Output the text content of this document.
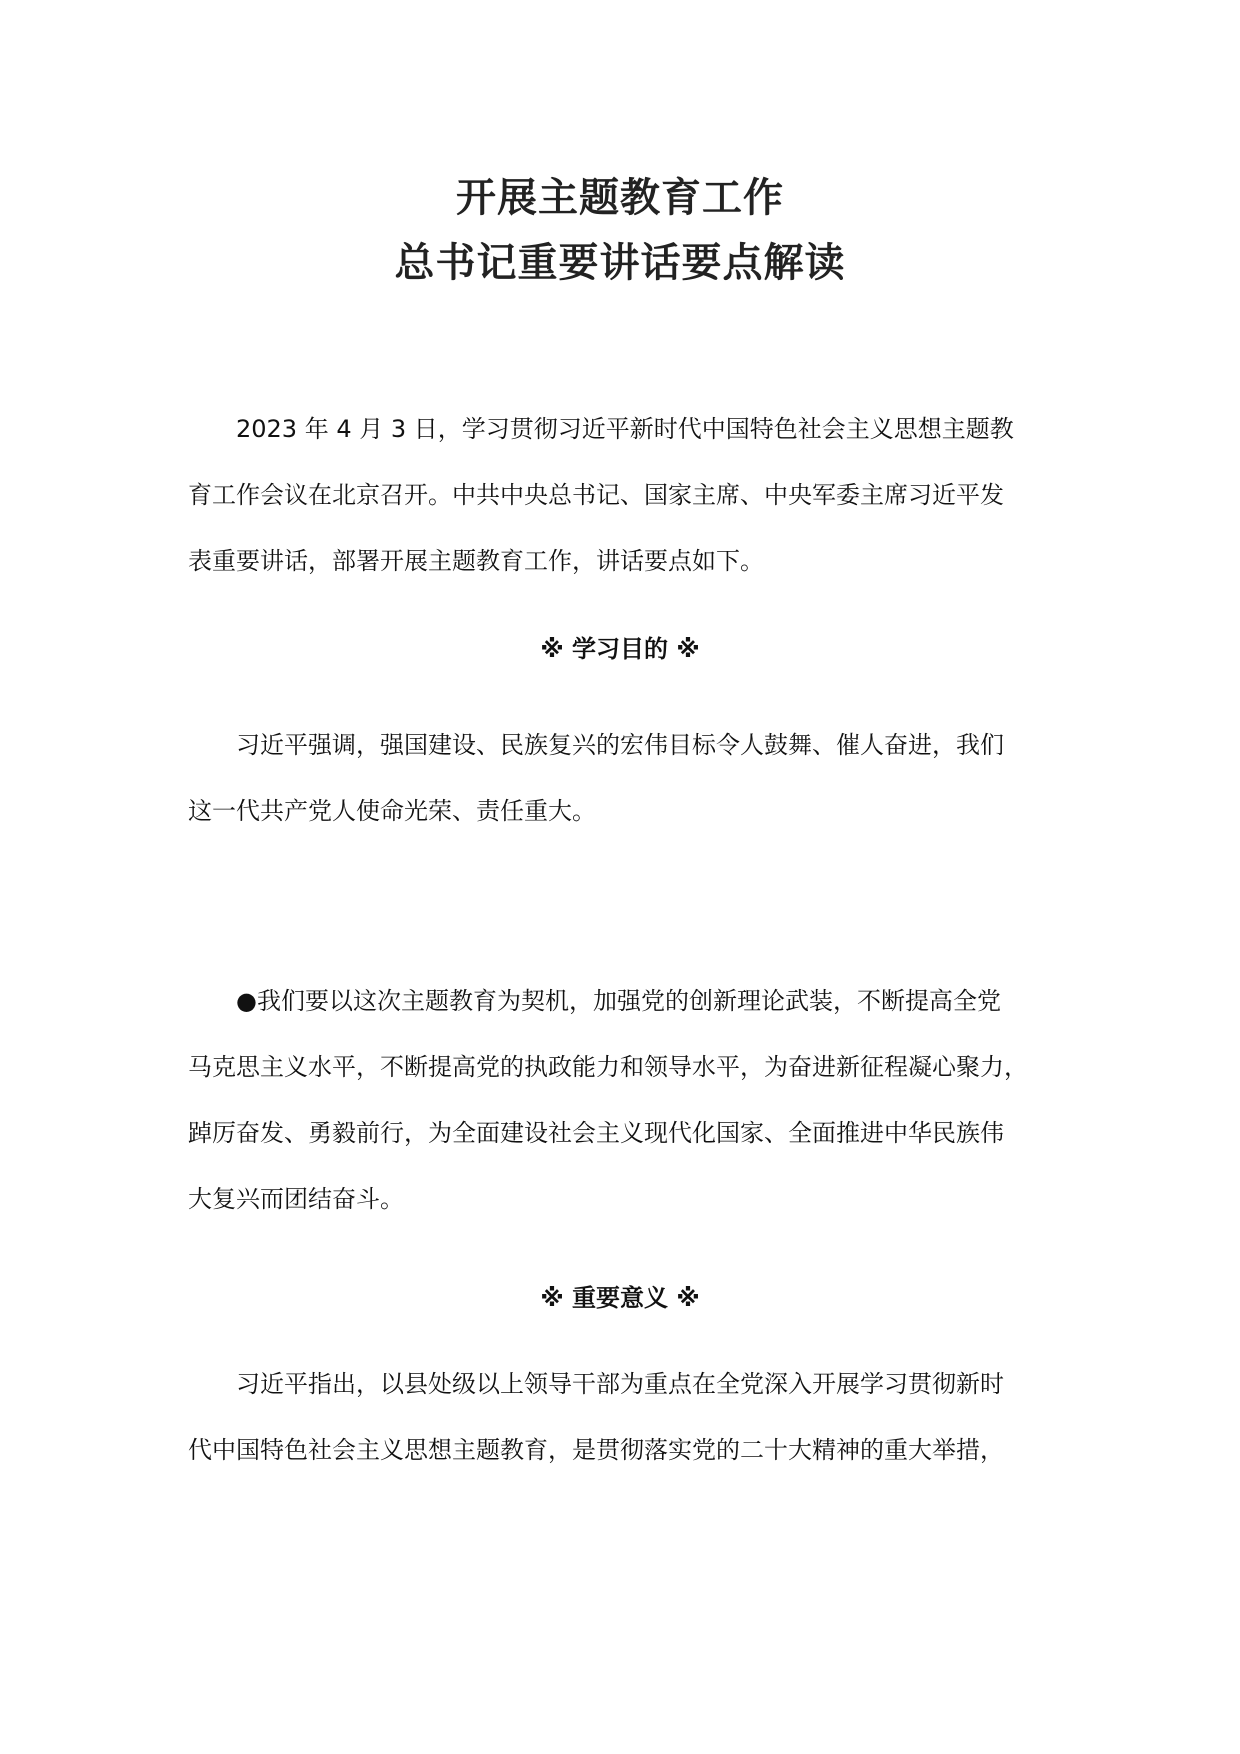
开展主题教育工作
总书记重要讲话要点解读

2023 年 4 月 3 日，学习贯彻习近平新时代中国特色社会主义思想主题教
育工作会议在北京召开。中共中央总书记、国家主席、中央军委主席习近平发
表重要讲话，部署开展主题教育工作，讲话要点如下。

※ 学习目的 ※

习近平强调，强国建设、民族复兴的宏伟目标令人鼓舞、催人奋进，我们
这一代共产党人使命光荣、责任重大。

●我们要以这次主题教育为契机，加强党的创新理论武装，不断提高全党
马克思主义水平，不断提高党的执政能力和领导水平，为奋进新征程凝心聚力，
踔厉奋发、勇毅前行，为全面建设社会主义现代化国家、全面推进中华民族伟
大复兴而团结奋斗。

※ 重要意义 ※

习近平指出，以县处级以上领导干部为重点在全党深入开展学习贯彻新时
代中国特色社会主义思想主题教育，是贯彻落实党的二十大精神的重大举措，
